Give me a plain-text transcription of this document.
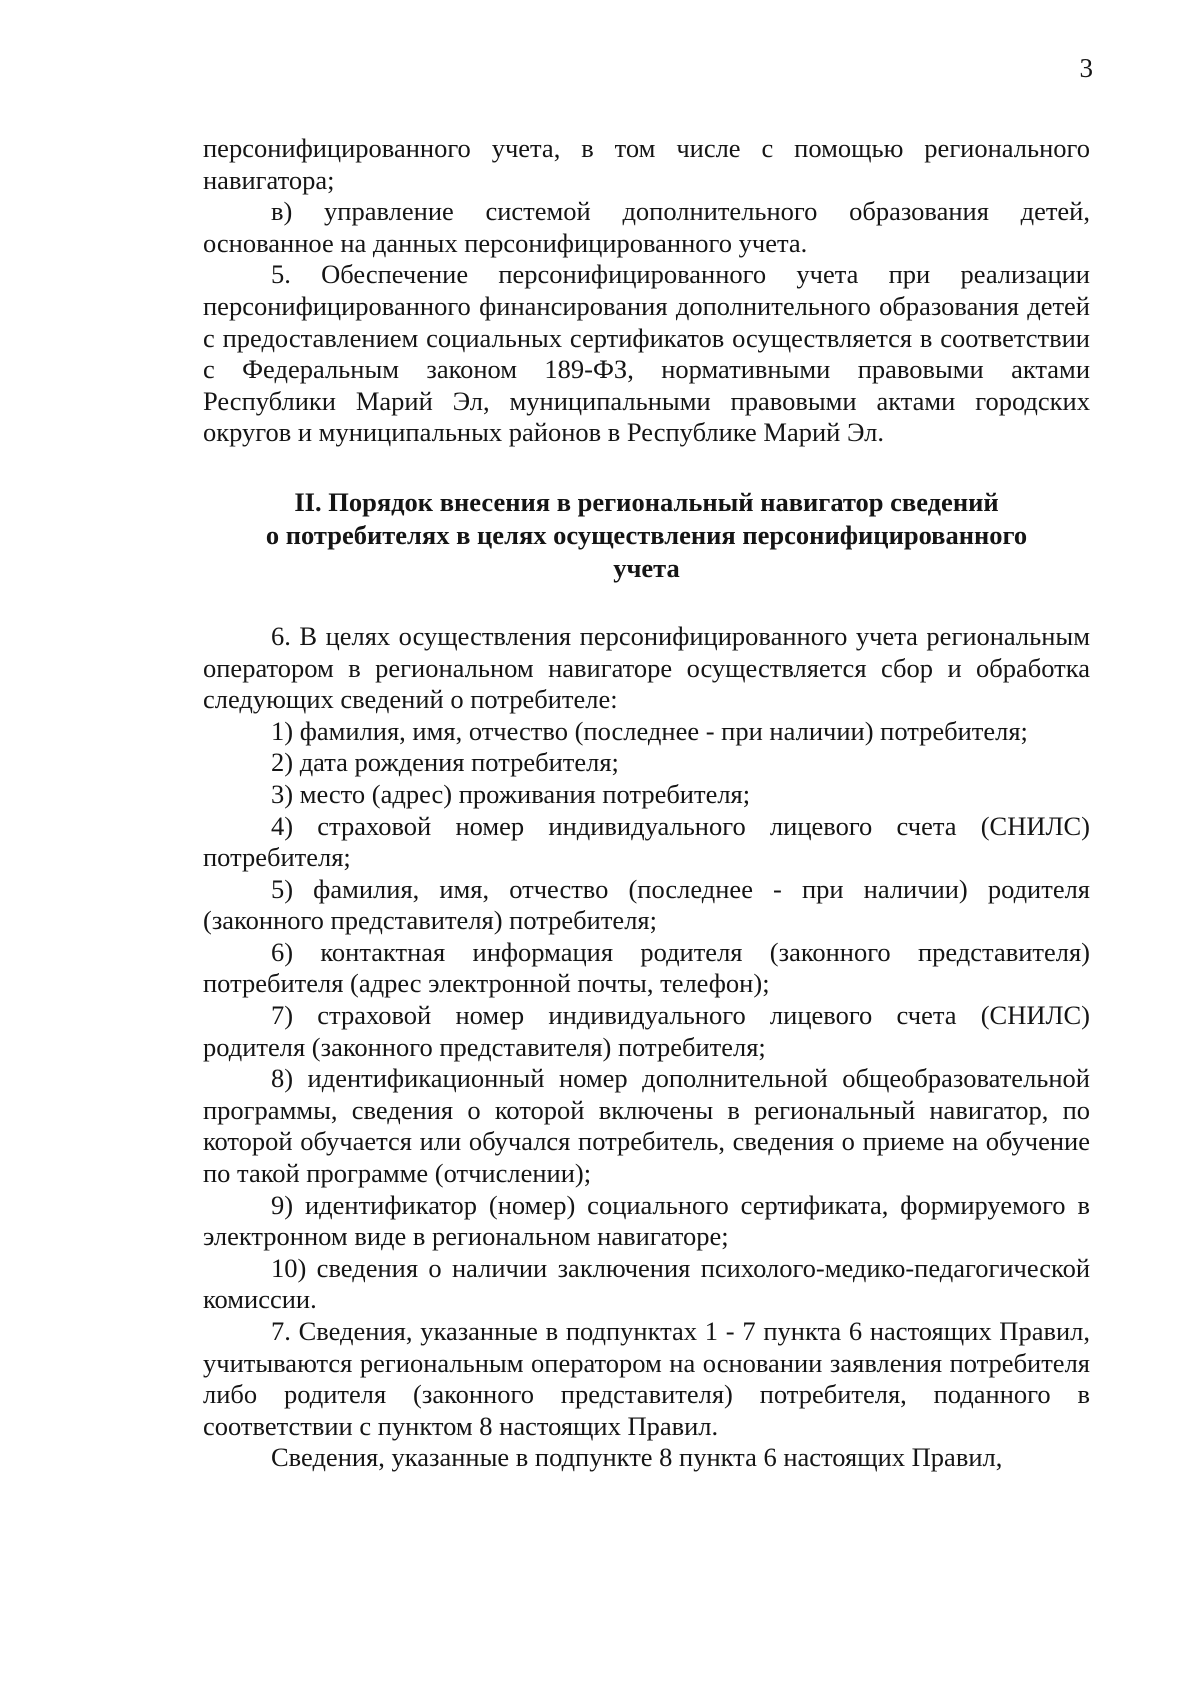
3

персонифицированного учета, в том числе с помощью регионального навигатора;

в) управление системой дополнительного образования детей, основанное на данных персонифицированного учета.

5. Обеспечение персонифицированного учета при реализации персонифицированного финансирования дополнительного образования детей с предоставлением социальных сертификатов осуществляется в соответствии с Федеральным законом 189-ФЗ, нормативными правовыми актами Республики Марий Эл, муниципальными правовыми актами городских округов и муниципальных районов в Республике Марий Эл.

II. Порядок внесения в региональный навигатор сведений
о потребителях в целях осуществления персонифицированного
учета

6. В целях осуществления персонифицированного учета региональным оператором в региональном навигаторе осуществляется сбор и обработка следующих сведений о потребителе:

1) фамилия, имя, отчество (последнее - при наличии) потребителя;

2) дата рождения потребителя;

3) место (адрес) проживания потребителя;

4) страховой номер индивидуального лицевого счета (СНИЛС) потребителя;

5) фамилия, имя, отчество (последнее - при наличии) родителя (законного представителя) потребителя;

6) контактная информация родителя (законного представителя) потребителя (адрес электронной почты, телефон);

7) страховой номер индивидуального лицевого счета (СНИЛС) родителя (законного представителя) потребителя;

8) идентификационный номер дополнительной общеобразовательной программы, сведения о которой включены в региональный навигатор, по которой обучается или обучался потребитель, сведения о приеме на обучение по такой программе (отчислении);

9) идентификатор (номер) социального сертификата, формируемого в электронном виде в региональном навигаторе;

10) сведения о наличии заключения психолого-медико-педагогической комиссии.

7. Сведения, указанные в подпунктах 1 - 7 пункта 6 настоящих Правил, учитываются региональным оператором на основании заявления потребителя либо родителя (законного представителя) потребителя, поданного в соответствии с пунктом 8 настоящих Правил.

Сведения, указанные в подпункте 8 пункта 6 настоящих Правил,
